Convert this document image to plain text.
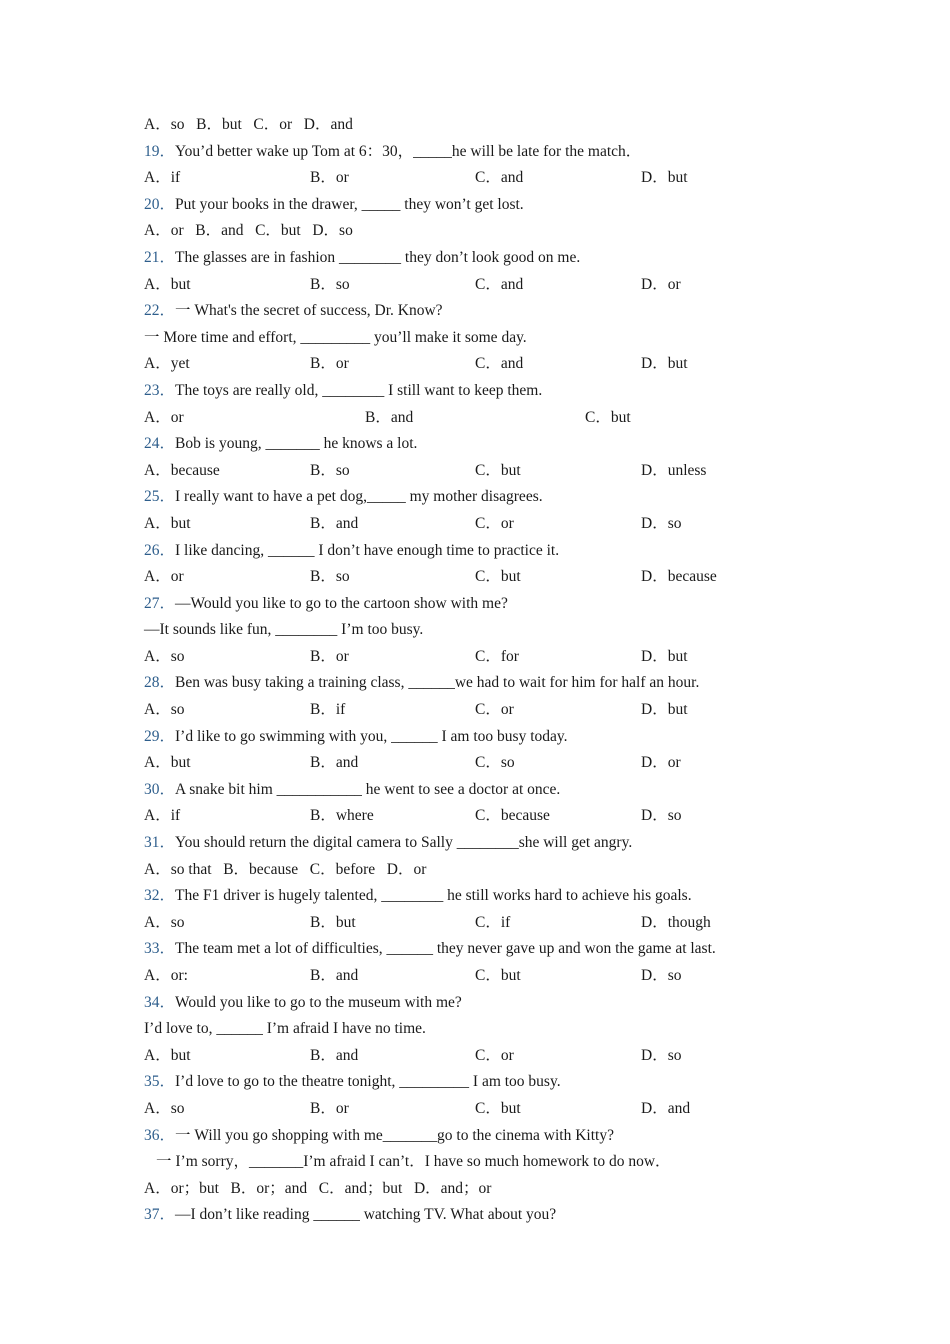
A．so   B．but   C．or   D．and
19．You’d better wake up Tom at 6：30，_____he will be late for the match．
A．if	B．or	C．and	D．but
20．Put your books in the drawer, _____ they won’t get lost.
A．or   B．and   C．but   D．so
21．The glasses are in fashion ________ they don’t look good on me.
A．but	B．so	C．and	D．or
22．一 What's the secret of success, Dr. Know?
一 More time and effort, _________ you’ll make it some day.
A．yet	B．or	C．and	D．but
23．The toys are really old, ________ I still want to keep them.
A．or	B．and	C．but
24．Bob is young, _______ he knows a lot.
A．because	B．so	C．but	D．unless
25．I really want to have a pet dog,_____ my mother disagrees.
A．but	B．and	C．or	D．so
26．I like dancing, ______ I don’t have enough time to practice it.
A．or	B．so	C．but	D．because
27．—Would you like to go to the cartoon show with me?
—It sounds like fun, ________ I’m too busy.
A．so	B．or	C．for	D．but
28．Ben was busy taking a training class, ______we had to wait for him for half an hour.
A．so	B．if	C．or	D．but
29．I’d like to go swimming with you, ______ I am too busy today.
A．but	B．and	C．so	D．or
30．A snake bit him ___________ he went to see a doctor at once.
A．if	B．where	C．because	D．so
31．You should return the digital camera to Sally ________she will get angry.
A．so that   B．because   C．before   D．or
32．The F1 driver is hugely talented, ________ he still works hard to achieve his goals.
A．so	B．but	C．if	D．though
33．The team met a lot of difficulties, ______ they never gave up and won the game at last.
A．or:	B．and	C．but	D．so
34．Would you like to go to the museum with me?
I’d love to, ______ I’m afraid I have no time.
A．but	B．and	C．or	D．so
35．I’d love to go to the theatre tonight, _________ I am too busy.
A．so	B．or	C．but	D．and
36．一 Will you go shopping with me_______go to the cinema with Kitty?
一 I’m sorry，_______I’m afraid I can’t．I have so much homework to do now．
A．or；but   B．or；and   C．and；but   D．and；or
37．—I don’t like reading ______ watching TV. What about you?
